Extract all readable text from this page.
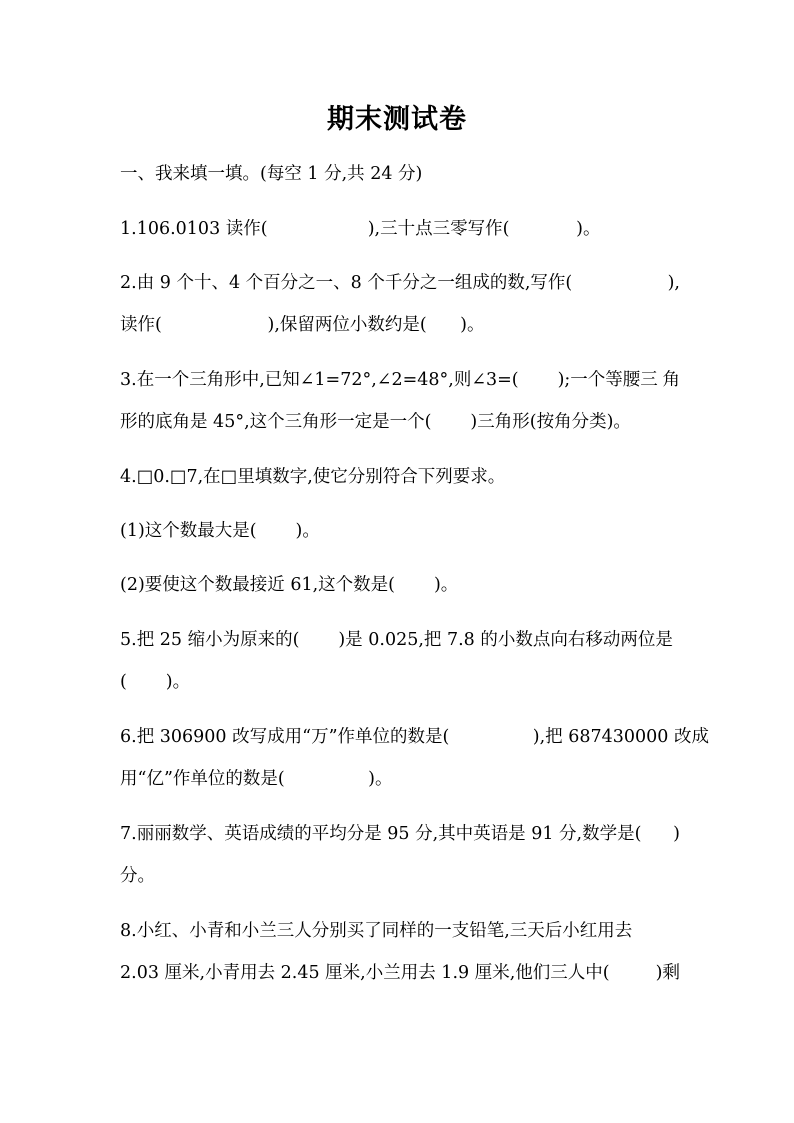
期末测试卷
一、我来填一填。(每空 1 分,共 24 分)
1.106.0103 读作(                  ),三十点三零写作(            )。
2.由 9 个十、4 个百分之一、8 个千分之一组成的数,写作(	),
读作(                   ),保留两位小数约是(      )。
3.在一个三角形中,已知∠1=72°,∠2=48°,则∠3=(       );一个等腰三 角
形的底角是 45°,这个三角形一定是一个(       )三角形(按角分类)。
4.□0.□7,在□里填数字,使它分别符合下列要求。
(1)这个数最大是(       )。
(2)要使这个数最接近 61,这个数是(       )。
5.把 25 缩小为原来的(       )是 0.025,把 7.8 的小数点向右移动两位是
(       )。
6.把 306900 改写成用“万”作单位的数是(               ),把 687430000 改成
用“亿”作单位的数是(               )。
7.丽丽数学、英语成绩的平均分是 95 分,其中英语是 91 分,数学是( )
分。
8.小红、小青和小兰三人分别买了同样的一支铅笔,三天后小红用去
2.03 厘米,小青用去 2.45 厘米,小兰用去 1.9 厘米,他们三人中(	)剩
